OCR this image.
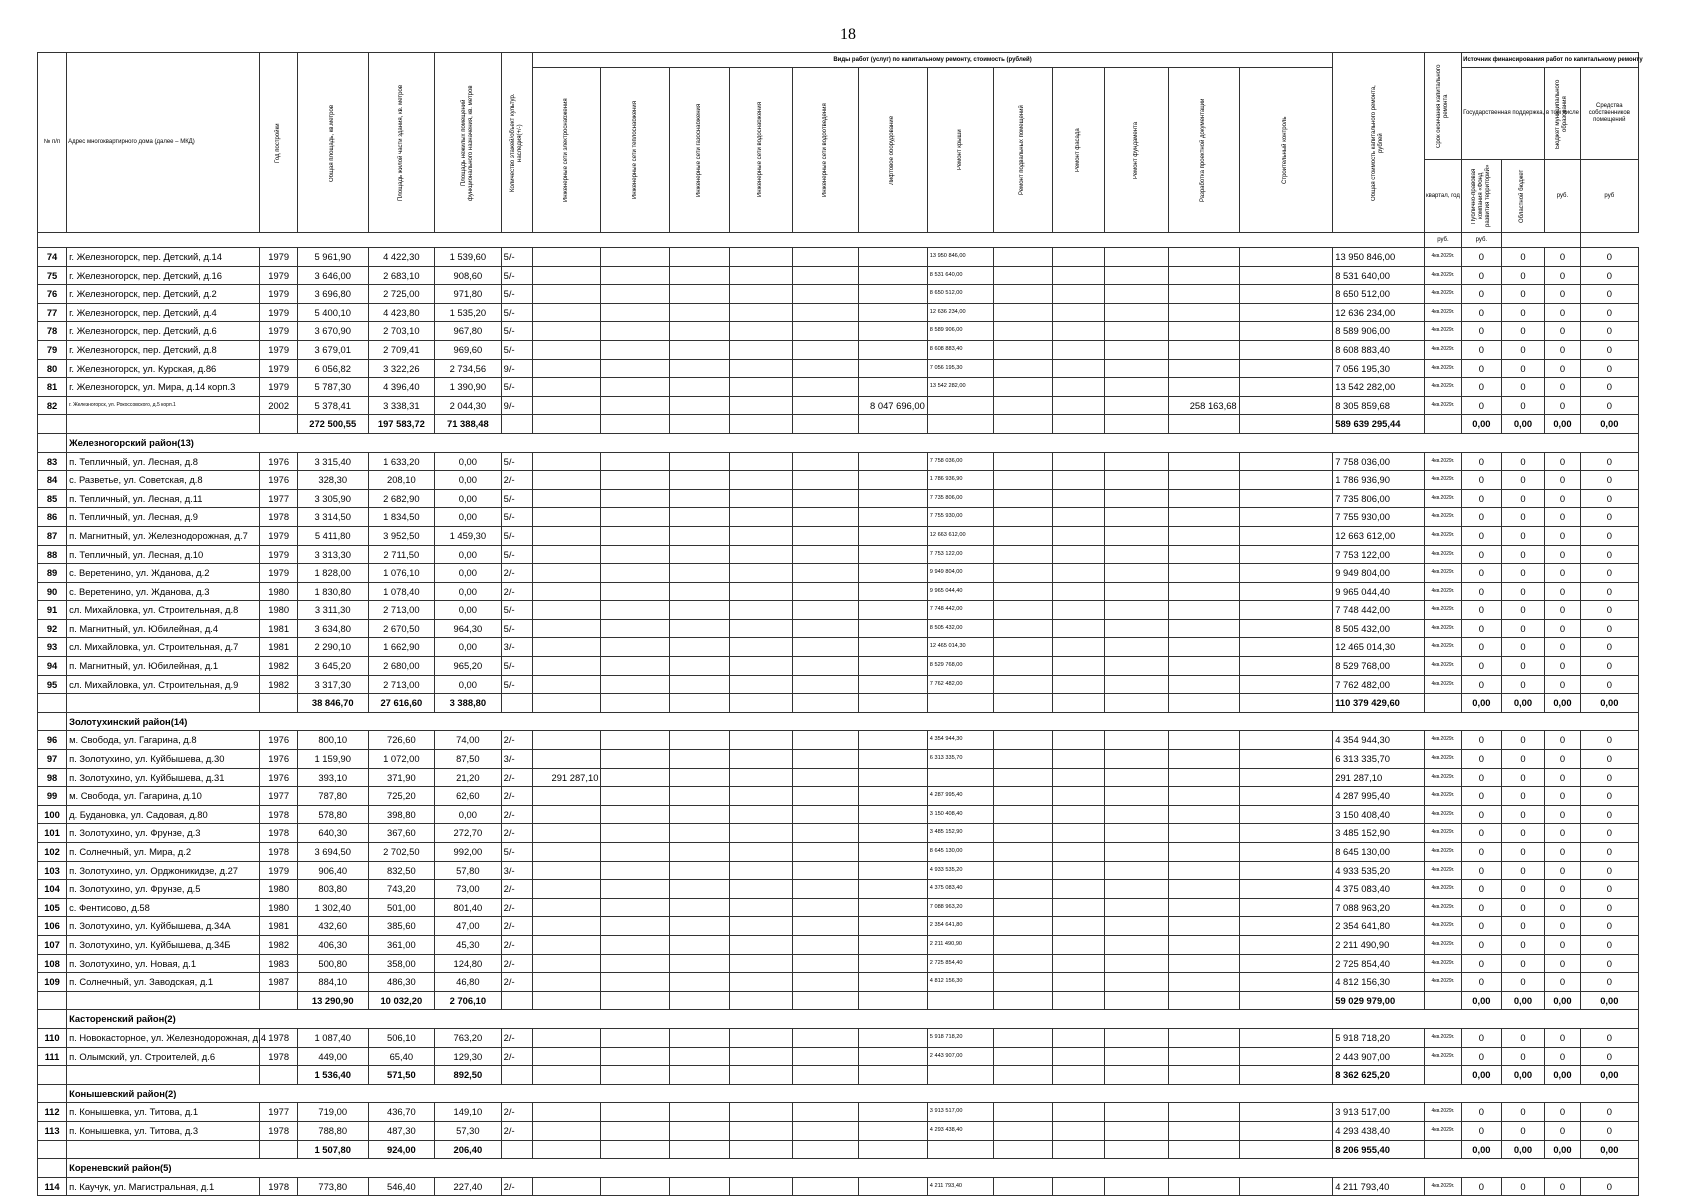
18
№ п/п	Адрес многоквартирного дома (далее – МКД)	Год постройки	Общая площадь, кв.метров	Площадь жилой части здания, кв. метров	Площадь нежилых помещений функционального назначения, кв. метров	Количество этажей/объект культур. наследия(+/-)	Виды работ (услуг) по капитальному ремонту, стоимость (рублей)												Общая стоимость капитального ремонта, рублей	Срок окончания капитального ремонта	Источник финансирования работ по капитальному ремонту			

							Инженерные сети электроснабжения	Инженерные сети теплоснабжения	Инженерные сети газоснабжения	Инженерные сети водоснабжения	Инженерные сети водоотведения	Лифтовое оборудование	Ремонт крыши	Ремонт подвальных помещений	Ремонт фасада	Ремонт фундамента	Разработка проектной документации	Строительный контроль			Государственная поддержка, в том числе		Бюджет муниципального образования	Средства собственников помещений
																				квартал, год	Публично-правовая компания «Фонд развития территорий»	Областной бюджет	руб.	руб
																				руб.	руб.			
74	г. Железногорск, пер. Детский, д.14	1979	5 961,90	4 422,30	1 539,60	5/-							13 950 846,00						13 950 846,00	4кв.2029г.	0	0	0	0
75	г. Железногорск, пер. Детский, д.16	1979	3 646,00	2 683,10	908,60	5/-							8 531 640,00						8 531 640,00	4кв.2029г.	0	0	0	0
76	г. Железногорск, пер. Детский, д.2	1979	3 696,80	2 725,00	971,80	5/-							8 650 512,00						8 650 512,00	4кв.2029г.	0	0	0	0
77	г. Железногорск, пер. Детский, д.4	1979	5 400,10	4 423,80	1 535,20	5/-							12 636 234,00						12 636 234,00	4кв.2029г.	0	0	0	0
78	г. Железногорск, пер. Детский, д.6	1979	3 670,90	2 703,10	967,80	5/-							8 589 906,00						8 589 906,00	4кв.2029г.	0	0	0	0
79	г. Железногорск, пер. Детский, д.8	1979	3 679,01	2 709,41	969,60	5/-							8 608 883,40						8 608 883,40	4кв.2029г.	0	0	0	0
80	г. Железногорск, ул. Курская, д.86	1979	6 056,82	3 322,26	2 734,56	9/-							7 056 195,30						7 056 195,30	4кв.2029г.	0	0	0	0
81	г. Железногорск, ул. Мира, д.14 корп.3	1979	5 787,30	4 396,40	1 390,90	5/-							13 542 282,00						13 542 282,00	4кв.2029г.	0	0	0	0
82	г. Железногорск, ул. Рокоссовского, д.5 корп.1	2002	5 378,41	3 338,31	2 044,30	9/-						8 047 696,00					258 163,68		8 305 859,68	4кв.2029г.	0	0	0	0
			272 500,55	197 583,72	71 388,48														589 639 295,44		0,00	0,00	0,00	0,00
	Железногорский район(13)																							
83	п. Тепличный, ул. Лесная, д.8	1976	3 315,40	1 633,20	0,00	5/-							7 758 036,00						7 758 036,00	4кв.2029г.	0	0	0	0
84	с. Разветье, ул. Советская, д.8	1976	328,30	208,10	0,00	2/-							1 786 936,90						1 786 936,90	4кв.2029г.	0	0	0	0
85	п. Тепличный, ул. Лесная, д.11	1977	3 305,90	2 682,90	0,00	5/-							7 735 806,00						7 735 806,00	4кв.2029г.	0	0	0	0
86	п. Тепличный, ул. Лесная, д.9	1978	3 314,50	1 834,50	0,00	5/-							7 755 930,00						7 755 930,00	4кв.2029г.	0	0	0	0
87	п. Магнитный, ул. Железнодорожная, д.7	1979	5 411,80	3 952,50	1 459,30	5/-							12 663 612,00						12 663 612,00	4кв.2029г.	0	0	0	0
88	п. Тепличный, ул. Лесная, д.10	1979	3 313,30	2 711,50	0,00	5/-							7 753 122,00						7 753 122,00	4кв.2029г.	0	0	0	0
89	с. Веретенино, ул. Жданова, д.2	1979	1 828,00	1 076,10	0,00	2/-							9 949 804,00						9 949 804,00	4кв.2029г.	0	0	0	0
90	с. Веретенино, ул. Жданова, д.3	1980	1 830,80	1 078,40	0,00	2/-							9 965 044,40						9 965 044,40	4кв.2029г.	0	0	0	0
91	сл. Михайловка, ул. Строительная, д.8	1980	3 311,30	2 713,00	0,00	5/-							7 748 442,00						7 748 442,00	4кв.2029г.	0	0	0	0
92	п. Магнитный, ул. Юбилейная, д.4	1981	3 634,80	2 670,50	964,30	5/-							8 505 432,00						8 505 432,00	4кв.2029г.	0	0	0	0
93	сл. Михайловка, ул. Строительная, д.7	1981	2 290,10	1 662,90	0,00	3/-							12 465 014,30						12 465 014,30	4кв.2029г.	0	0	0	0
94	п. Магнитный, ул. Юбилейная, д.1	1982	3 645,20	2 680,00	965,20	5/-							8 529 768,00						8 529 768,00	4кв.2029г.	0	0	0	0
95	сл. Михайловка, ул. Строительная, д.9	1982	3 317,30	2 713,00	0,00	5/-							7 762 482,00						7 762 482,00	4кв.2029г.	0	0	0	0
			38 846,70	27 616,60	3 388,80														110 379 429,60		0,00	0,00	0,00	0,00
	Золотухинский район(14)																							
96	м. Свобода, ул. Гагарина, д.8	1976	800,10	726,60	74,00	2/-							4 354 944,30						4 354 944,30	4кв.2029г.	0	0	0	0
97	п. Золотухино, ул. Куйбышева, д.30	1976	1 159,90	1 072,00	87,50	3/-							6 313 335,70						6 313 335,70	4кв.2029г.	0	0	0	0
98	п. Золотухино, ул. Куйбышева, д.31	1976	393,10	371,90	21,20	2/-	291 287,10												291 287,10	4кв.2029г.	0	0	0	0
99	м. Свобода, ул. Гагарина, д.10	1977	787,80	725,20	62,60	2/-							4 287 995,40						4 287 995,40	4кв.2029г.	0	0	0	0
100	д. Будановка, ул. Садовая, д.80	1978	578,80	398,80	0,00	2/-							3 150 408,40						3 150 408,40	4кв.2029г.	0	0	0	0
101	п. Золотухино, ул. Фрунзе, д.3	1978	640,30	367,60	272,70	2/-							3 485 152,90						3 485 152,90	4кв.2029г.	0	0	0	0
102	п. Солнечный, ул. Мира, д.2	1978	3 694,50	2 702,50	992,00	5/-							8 645 130,00						8 645 130,00	4кв.2029г.	0	0	0	0
103	п. Золотухино, ул. Орджоникидзе, д.27	1979	906,40	832,50	57,80	3/-							4 933 535,20						4 933 535,20	4кв.2029г.	0	0	0	0
104	п. Золотухино, ул. Фрунзе, д.5	1980	803,80	743,20	73,00	2/-							4 375 083,40						4 375 083,40	4кв.2029г.	0	0	0	0
105	с. Фентисово, д.58	1980	1 302,40	501,00	801,40	2/-							7 088 963,20						7 088 963,20	4кв.2029г.	0	0	0	0
106	п. Золотухино, ул. Куйбышева, д.34А	1981	432,60	385,60	47,00	2/-							2 354 641,80						2 354 641,80	4кв.2029г.	0	0	0	0
107	п. Золотухино, ул. Куйбышева, д.34Б	1982	406,30	361,00	45,30	2/-							2 211 490,90						2 211 490,90	4кв.2029г.	0	0	0	0
108	п. Золотухино, ул. Новая, д.1	1983	500,80	358,00	124,80	2/-							2 725 854,40						2 725 854,40	4кв.2029г.	0	0	0	0
109	п. Солнечный, ул. Заводская, д.1	1987	884,10	486,30	46,80	2/-							4 812 156,30						4 812 156,30	4кв.2029г.	0	0	0	0
			13 290,90	10 032,20	2 706,10														59 029 979,00		0,00	0,00	0,00	0,00
	Касторенский район(2)																							
110	п. Новокасторное, ул. Железнодорожная, д.4	1978	1 087,40	506,10	763,20	2/-							5 918 718,20						5 918 718,20	4кв.2029г.	0	0	0	0
111	п. Олымский, ул. Строителей, д.6	1978	449,00	65,40	129,30	2/-							2 443 907,00						2 443 907,00	4кв.2029г.	0	0	0	0
			1 536,40	571,50	892,50														8 362 625,20		0,00	0,00	0,00	0,00
	Конышевский район(2)																							
112	п. Конышевка, ул. Титова, д.1	1977	719,00	436,70	149,10	2/-							3 913 517,00						3 913 517,00	4кв.2029г.	0	0	0	0
113	п. Конышевка, ул. Титова, д.3	1978	788,80	487,30	57,30	2/-							4 293 438,40						4 293 438,40	4кв.2029г.	0	0	0	0
			1 507,80	924,00	206,40														8 206 955,40		0,00	0,00	0,00	0,00
	Кореневский район(5)																							
114	п. Каучук, ул. Магистральная, д.1	1978	773,80	546,40	227,40	2/-							4 211 793,40						4 211 793,40	4кв.2029г.	0	0	0	0
